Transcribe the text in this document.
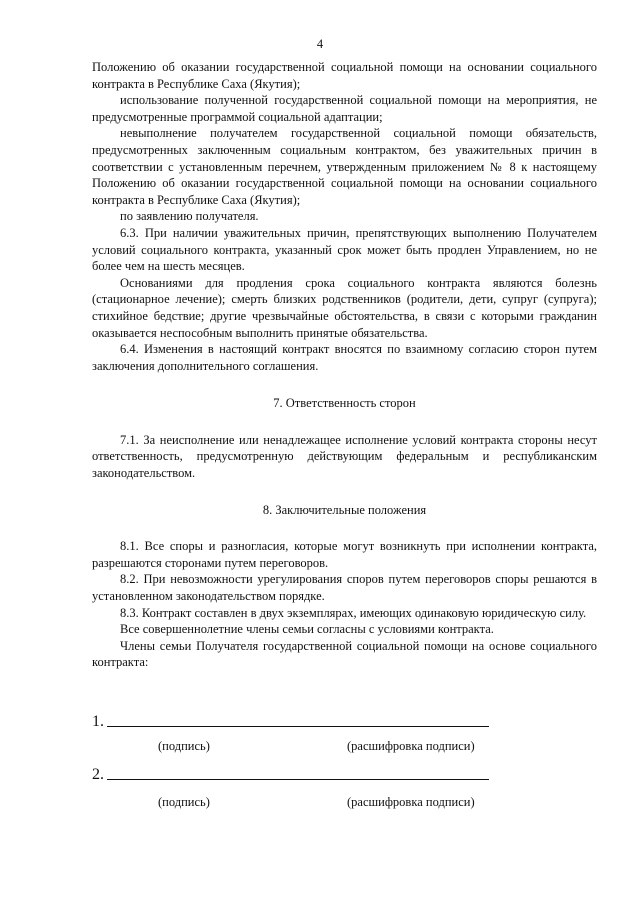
4

Положению об оказании государственной социальной помощи на основании социального контракта в Республике Саха (Якутия);

использование полученной государственной социальной помощи на мероприятия, не предусмотренные программой социальной адаптации;

невыполнение получателем государственной социальной помощи обязательств, предусмотренных заключенным социальным контрактом, без уважительных причин в соответствии с установленным перечнем, утвержденным приложением № 8 к настоящему Положению об оказании государственной социальной помощи на основании социального контракта в Республике Саха (Якутия);

по заявлению получателя.

6.3. При наличии уважительных причин, препятствующих выполнению Получателем условий социального контракта, указанный срок может быть продлен Управлением, но не более чем на шесть месяцев.

Основаниями для продления срока социального контракта являются болезнь (стационарное лечение); смерть близких родственников (родители, дети, супруг (супруга); стихийное бедствие; другие чрезвычайные обстоятельства, в связи с которыми гражданин оказывается неспособным выполнить принятые обязательства.

6.4. Изменения в настоящий контракт вносятся по взаимному согласию сторон путем заключения дополнительного соглашения.

7. Ответственность сторон

7.1. За неисполнение или ненадлежащее исполнение условий контракта стороны несут ответственность, предусмотренную действующим федеральным и республиканским законодательством.

8. Заключительные положения

8.1. Все споры и разногласия, которые могут возникнуть при исполнении контракта, разрешаются сторонами путем переговоров.

8.2. При невозможности урегулирования споров путем переговоров споры решаются в установленном законодательством порядке.

8.3. Контракт составлен в двух экземплярах, имеющих одинаковую юридическую силу.

Все совершеннолетние члены семьи согласны с условиями контракта.

Члены семьи Получателя государственной социальной помощи на основе социального контракта:

1.
(подпись)	(расшифровка подписи)
2.
(подпись)	(расшифровка подписи)
